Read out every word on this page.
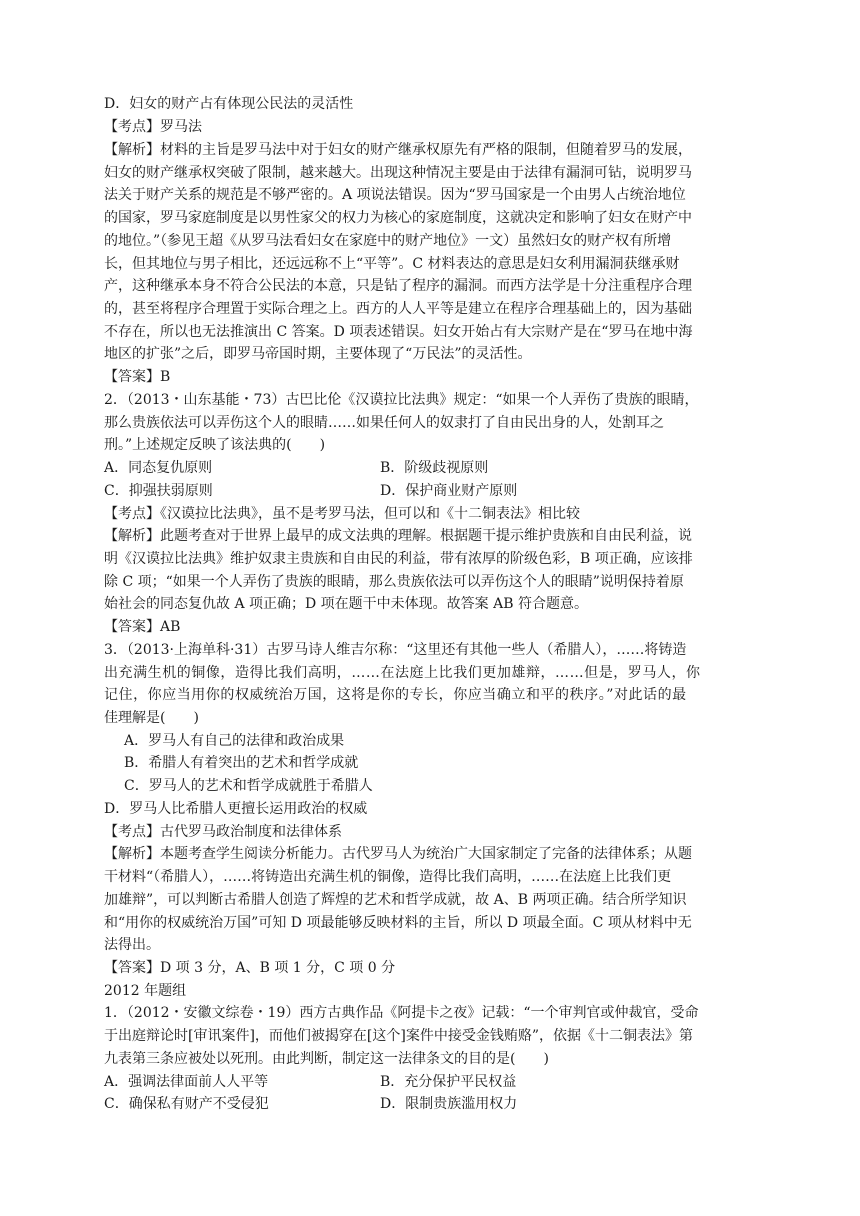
D．妇女的财产占有体现公民法的灵活性
【考点】罗马法
【解析】材料的主旨是罗马法中对于妇女的财产继承权原先有严格的限制，但随着罗马的发展，
妇女的财产继承权突破了限制，越来越大。出现这种情况主要是由于法律有漏洞可钻，说明罗马
法关于财产关系的规范是不够严密的。A 项说法错误。因为“罗马国家是一个由男人占统治地位
的国家，罗马家庭制度是以男性家父的权力为核心的家庭制度，这就决定和影响了妇女在财产中
的地位。”（参见王超《从罗马法看妇女在家庭中的财产地位》一文）虽然妇女的财产权有所增
长，但其地位与男子相比，还远远称不上“平等”。C 材料表达的意思是妇女利用漏洞获继承财
产，这种继承本身不符合公民法的本意，只是钻了程序的漏洞。而西方法学是十分注重程序合理
的，甚至将程序合理置于实际合理之上。西方的人人平等是建立在程序合理基础上的，因为基础
不存在，所以也无法推演出 C 答案。D 项表述错误。妇女开始占有大宗财产是在“罗马在地中海
地区的扩张”之后，即罗马帝国时期，主要体现了“万民法”的灵活性。
【答案】B
2．（2013・山东基能・73）古巴比伦《汉谟拉比法典》规定：“如果一个人弄伤了贵族的眼睛，
那么贵族依法可以弄伤这个人的眼睛……如果任何人的奴隶打了自由民出身的人，处割耳之
刑。”上述规定反映了该法典的(　　)
A．同态复仇原则	B．阶级歧视原则
C．抑强扶弱原则	D．保护商业财产原则
【考点】《汉谟拉比法典》，虽不是考罗马法，但可以和《十二铜表法》相比较
【解析】此题考查对于世界上最早的成文法典的理解。根据题干提示维护贵族和自由民利益，说
明《汉谟拉比法典》维护奴隶主贵族和自由民的利益，带有浓厚的阶级色彩，B 项正确，应该排
除 C 项；“如果一个人弄伤了贵族的眼睛，那么贵族依法可以弄伤这个人的眼睛”说明保持着原
始社会的同态复仇故 A 项正确；D 项在题干中未体现。故答案 AB 符合题意。
【答案】AB
3．（2013·上海单科·31）古罗马诗人维吉尔称：“这里还有其他一些人（希腊人），……将铸造
出充满生机的铜像，造得比我们高明，……在法庭上比我们更加雄辩，……但是，罗马人，你
记住，你应当用你的权威统治万国，这将是你的专长，你应当确立和平的秩序。”对此话的最
佳理解是(　　)
A．罗马人有自己的法律和政治成果
B．希腊人有着突出的艺术和哲学成就
C．罗马人的艺术和哲学成就胜于希腊人
D．罗马人比希腊人更擅长运用政治的权威
【考点】古代罗马政治制度和法律体系
【解析】本题考查学生阅读分析能力。古代罗马人为统治广大国家制定了完备的法律体系；从题
干材料“（希腊人），……将铸造出充满生机的铜像，造得比我们高明，……在法庭上比我们更
加雄辩”，可以判断古希腊人创造了辉煌的艺术和哲学成就，故 A、B 两项正确。结合所学知识
和“用你的权威统治万国”可知 D 项最能够反映材料的主旨，所以 D 项最全面。C 项从材料中无
法得出。
【答案】D 项 3 分，A、B 项 1 分，C 项 0 分
2012 年题组
1．（2012・安徽文综卷・19）西方古典作品《阿提卡之夜》记载：“一个审判官或仲裁官，受命
于出庭辩论时[审讯案件]，而他们被揭穿在[这个]案件中接受金钱贿赂”，依据《十二铜表法》第
九表第三条应被处以死刑。由此判断，制定这一法律条文的目的是(　　)
A．强调法律面前人人平等	B．充分保护平民权益
C．确保私有财产不受侵犯	D．限制贵族滥用权力
